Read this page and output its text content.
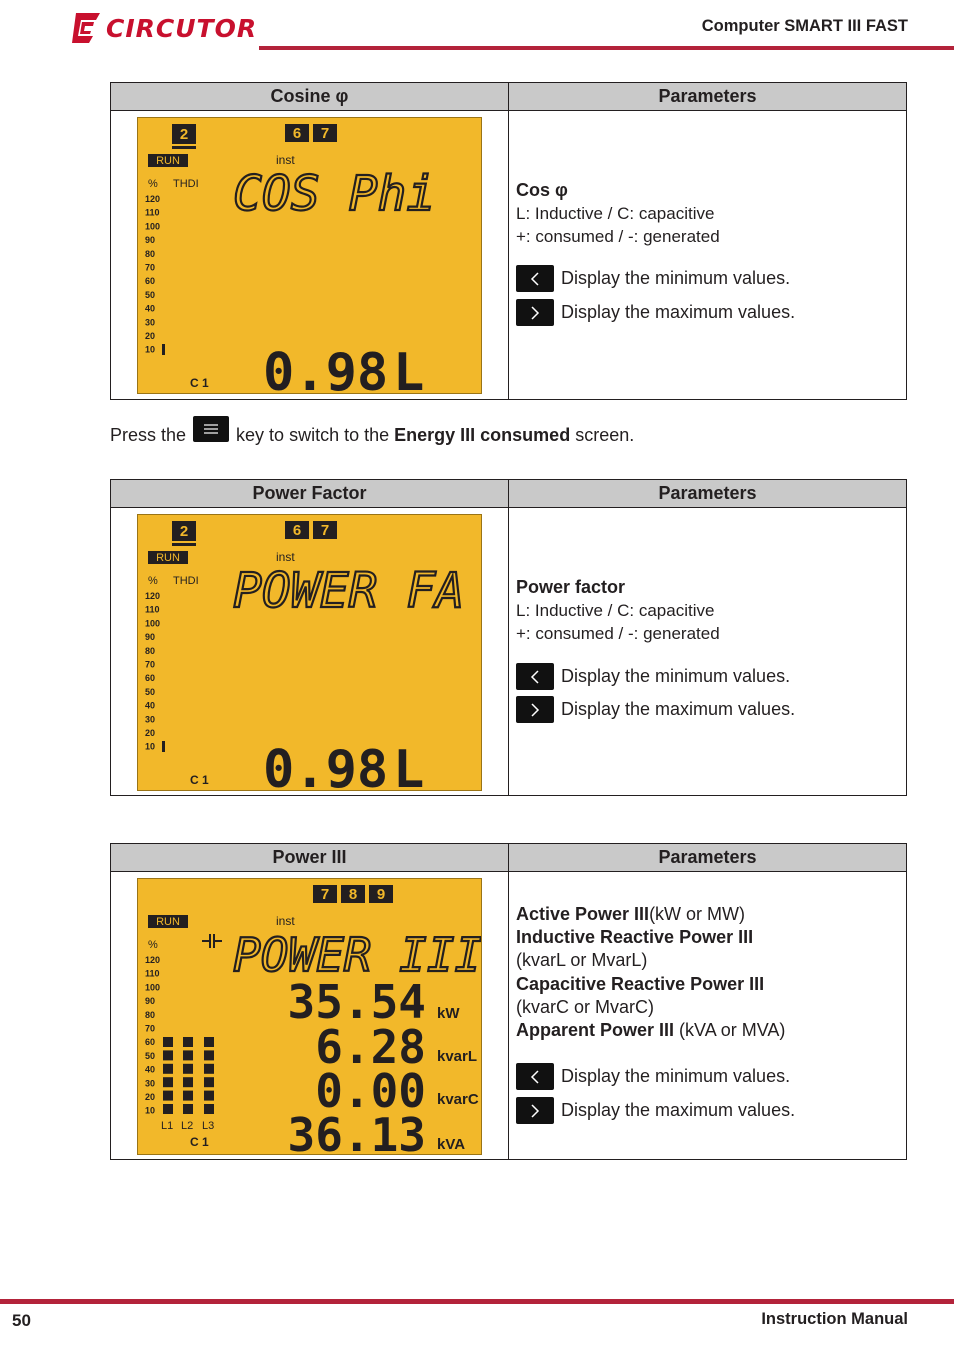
CIRCUTOR	Computer SMART III FAST
Cosine φ	Parameters
2	6 7
RUN	inst
% THDI
120
110
100
90
80
70
60
50
40
30
20
10
C 1
COS Phi
0.98 L
Cos φ
L: Inductive / C: capacitive
+: consumed / -: generated
Display the minimum values.
Display the maximum values.
Press the	key to switch to the
Energy III consumed
screen.
Power Factor	Parameters
2	6 7
RUN	inst
% THDI
120
110
100
90
80
70
60
50
40
30
20
10
C 1
POWER FA
0.98 L
Power factor
L: Inductive / C: capacitive
+: consumed / -: generated
Display the minimum values.
Display the maximum values.
Power III	Parameters
7 8 9
RUN	inst
%
120
110
100
90
80
70
60
50
40
30
20
10
L1 L2 L3
C 1
POWER III
35.54 kW
6.28 kvarL
0.00 kvarC
36.13 kVA
Active Power III(kW or MW)
Inductive Reactive Power III
(kvarL or MvarL)
Capacitive Reactive Power III
(kvarC or MvarC)
Apparent Power III (kVA or MVA)
Display the minimum values.
Display the maximum values.
50	Instruction Manual
